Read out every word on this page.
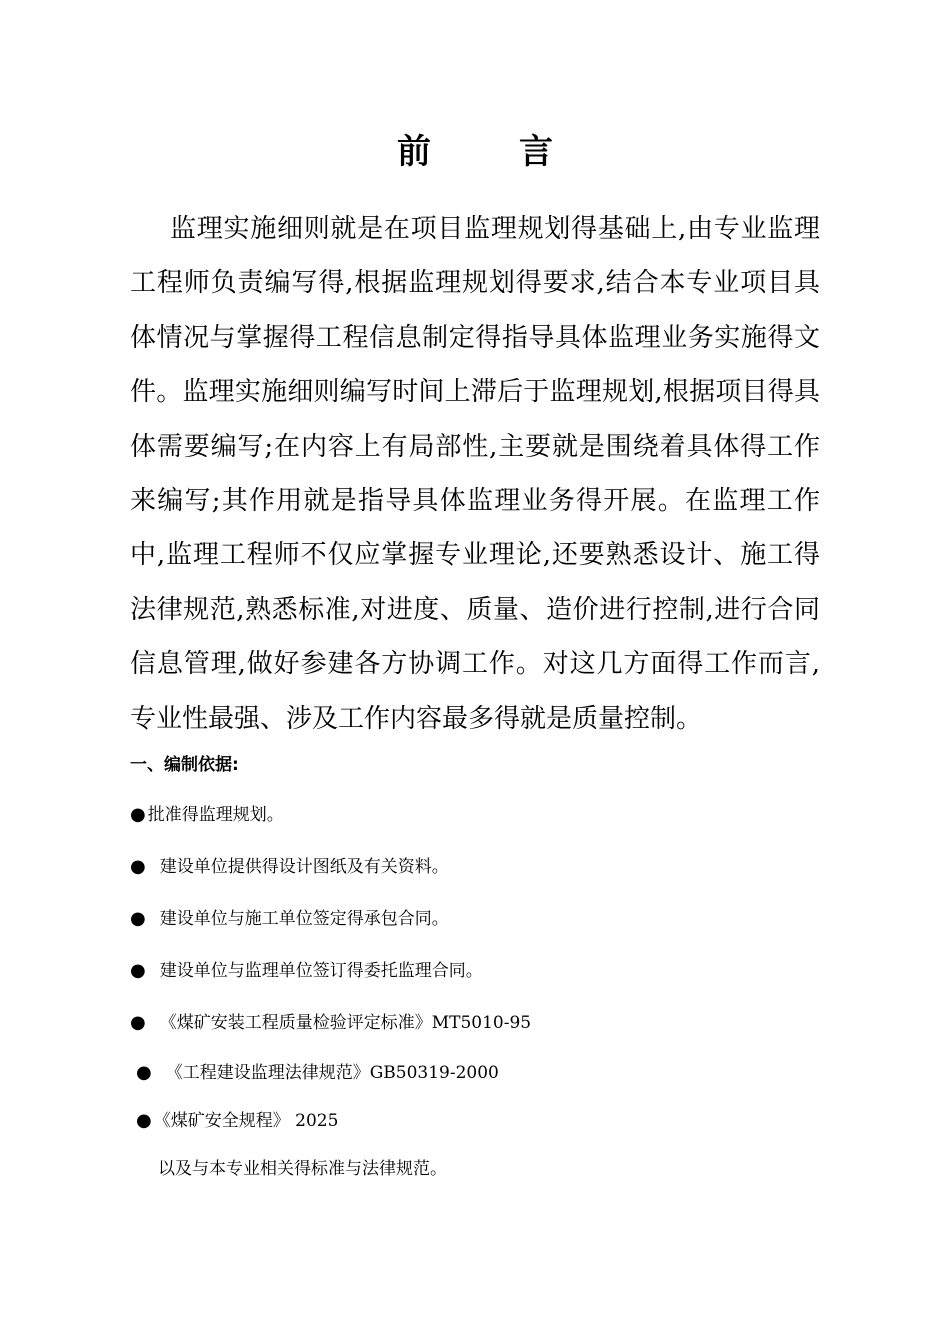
前言
监理实施细则就是在项目监理规划得基础上,由专业监理工程师负责编写得,根据监理规划得要求,结合本专业项目具体情况与掌握得工程信息制定得指导具体监理业务实施得文件。监理实施细则编写时间上滞后于监理规划,根据项目得具体需要编写;在内容上有局部性,主要就是围绕着具体得工作来编写;其作用就是指导具体监理业务得开展。在监理工作中,监理工程师不仅应掌握专业理论,还要熟悉设计、施工得法律规范,熟悉标准,对进度、质量、造价进行控制,进行合同信息管理,做好参建各方协调工作。对这几方面得工作而言,专业性最强、涉及工作内容最多得就是质量控制。
一、编制依据:
● 批准得监理规划。
● 建设单位提供得设计图纸及有关资料。
● 建设单位与施工单位签定得承包合同。
● 建设单位与监理单位签订得委托监理合同。
● 《煤矿安装工程质量检验评定标准》MT5010-95
● 《工程建设监理法律规范》GB50319-2000
● 《煤矿安全规程》 2025
以及与本专业相关得标准与法律规范。
